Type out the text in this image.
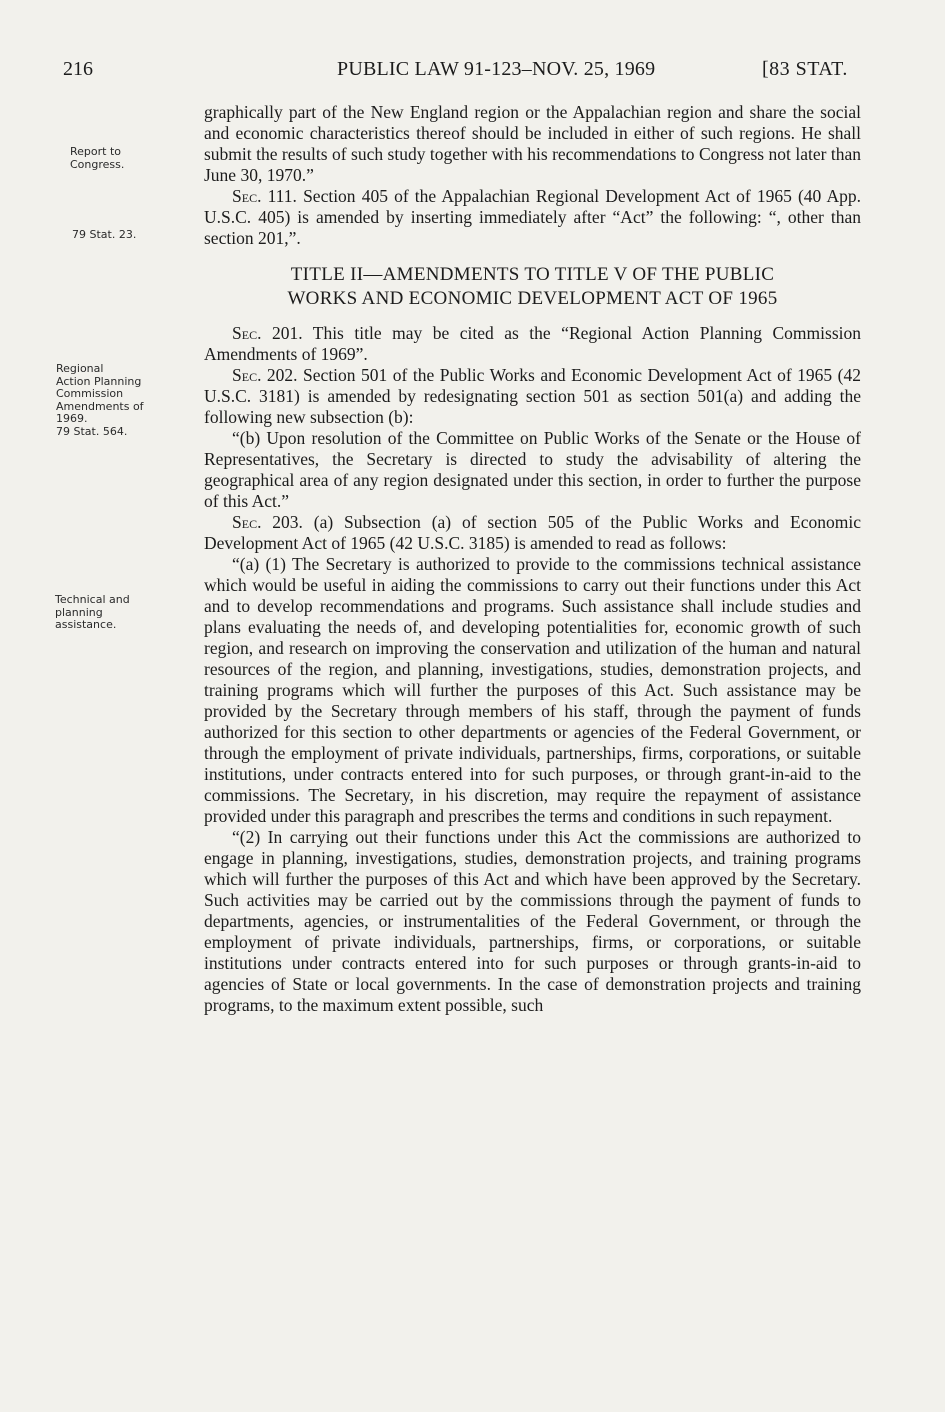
216	PUBLIC LAW 91-123–NOV. 25, 1969	[83 STAT.
Report to
Congress.
79 Stat. 23.
Regional
Action Planning
Commission
Amendments of
1969.
79 Stat. 564.
Technical and
planning
assistance.

graphically part of the New England region or the Appalachian region and share the social and economic characteristics thereof should be included in either of such regions. He shall submit the results of such study together with his recommendations to Congress not later than June 30, 1970.”

Sec. 111. Section 405 of the Appalachian Regional Development Act of 1965 (40 App. U.S.C. 405) is amended by inserting immediately after “Act” the following: “, other than section 201,”.

TITLE II—AMENDMENTS TO TITLE V OF THE PUBLIC
WORKS AND ECONOMIC DEVELOPMENT ACT OF 1965

Sec. 201. This title may be cited as the “Regional Action Planning Commission Amendments of 1969”.

Sec. 202. Section 501 of the Public Works and Economic Development Act of 1965 (42 U.S.C. 3181) is amended by redesignating section 501 as section 501(a) and adding the following new subsection (b):

“(b) Upon resolution of the Committee on Public Works of the Senate or the House of Representatives, the Secretary is directed to study the advisability of altering the geographical area of any region designated under this section, in order to further the purpose of this Act.”

Sec. 203. (a) Subsection (a) of section 505 of the Public Works and Economic Development Act of 1965 (42 U.S.C. 3185) is amended to read as follows:

“(a) (1) The Secretary is authorized to provide to the commissions technical assistance which would be useful in aiding the commissions to carry out their functions under this Act and to develop recommendations and programs. Such assistance shall include studies and plans evaluating the needs of, and developing potentialities for, economic growth of such region, and research on improving the conservation and utilization of the human and natural resources of the region, and planning, investigations, studies, demonstration projects, and training programs which will further the purposes of this Act. Such assistance may be provided by the Secretary through members of his staff, through the payment of funds authorized for this section to other departments or agencies of the Federal Government, or through the employment of private individuals, partnerships, firms, corporations, or suitable institutions, under contracts entered into for such purposes, or through grant-in-aid to the commissions. The Secretary, in his discretion, may require the repayment of assistance provided under this paragraph and prescribes the terms and conditions in such repayment.

“(2) In carrying out their functions under this Act the commissions are authorized to engage in planning, investigations, studies, demonstration projects, and training programs which will further the purposes of this Act and which have been approved by the Secretary. Such activities may be carried out by the commissions through the payment of funds to departments, agencies, or instrumentalities of the Federal Government, or through the employment of private individuals, partnerships, firms, or corporations, or suitable institutions under contracts entered into for such purposes or through grants-in-aid to agencies of State or local governments. In the case of demonstration projects and training programs, to the maximum extent possible, such
